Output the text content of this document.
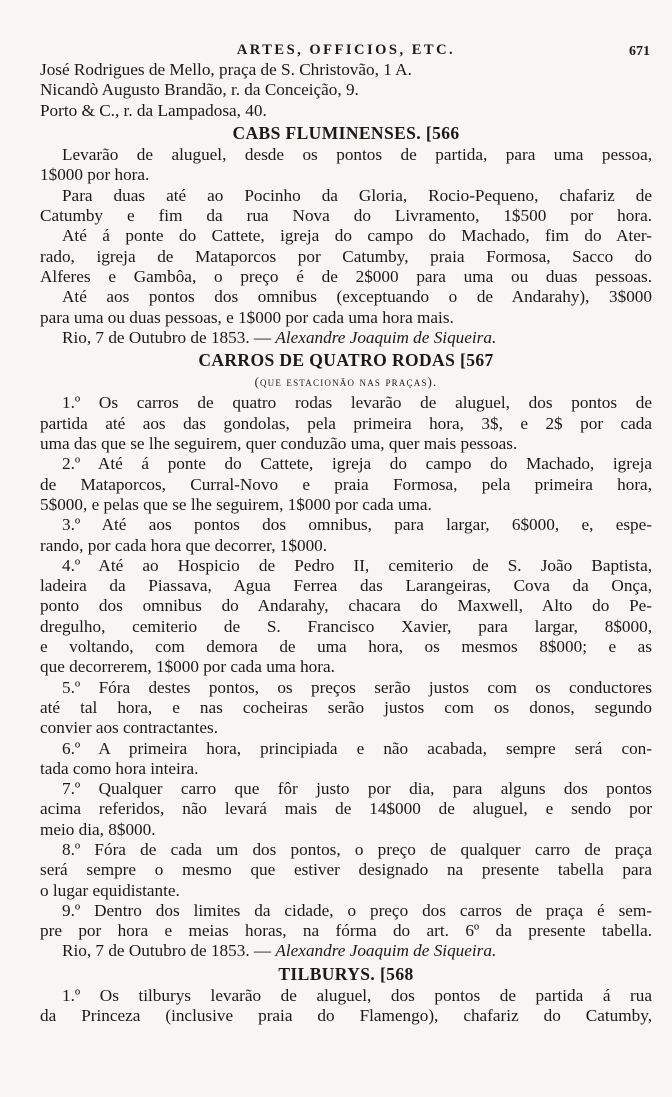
ARTES, OFFICIOS, ETC.	671
José Rodrigues de Mello, praça de S. Christovão, 1 A.
Nicandò Augusto Brandão, r. da Conceição, 9.
Porto & C., r. da Lampadosa, 40.
CABS FLUMINENSES. [566
Levarão de aluguel, desde os pontos de partida, para uma pessoa,
1$000 por hora.
Para duas até ao Pocinho da Gloria, Rocio-Pequeno, chafariz de
Catumby e fim da rua Nova do Livramento, 1$500 por hora.
Até á ponte do Cattete, igreja do campo do Machado, fim do Ater-
rado, igreja de Mataporcos por Catumby, praia Formosa, Sacco do
Alferes e Gambôa, o preço é de 2$000 para uma ou duas pessoas.
Até aos pontos dos omnibus (exceptuando o de Andarahy), 3$000
para uma ou duas pessoas, e 1$000 por cada uma hora mais.
Rio, 7 de Outubro de 1853. — Alexandre Joaquim de Siqueira.
CARROS DE QUATRO RODAS [567
(que estacionão nas praças).
1.º Os carros de quatro rodas levarão de aluguel, dos pontos de
partida até aos das gondolas, pela primeira hora, 3$, e 2$ por cada
uma das que se lhe seguirem, quer conduzão uma, quer mais pessoas.
2.º Até á ponte do Cattete, igreja do campo do Machado, igreja
de Mataporcos, Curral-Novo e praia Formosa, pela primeira hora,
5$000, e pelas que se lhe seguirem, 1$000 por cada uma.
3.º Até aos pontos dos omnibus, para largar, 6$000, e, espe-
rando, por cada hora que decorrer, 1$000.
4.º Até ao Hospicio de Pedro II, cemiterio de S. João Baptista,
ladeira da Piassava, Agua Ferrea das Larangeiras, Cova da Onça,
ponto dos omnibus do Andarahy, chacara do Maxwell, Alto do Pe-
dregulho, cemiterio de S. Francisco Xavier, para largar, 8$000,
e voltando, com demora de uma hora, os mesmos 8$000; e as
que decorrerem, 1$000 por cada uma hora.
5.º Fóra destes pontos, os preços serão justos com os conductores
até tal hora, e nas cocheiras serão justos com os donos, segundo
convier aos contractantes.
6.º A primeira hora, principiada e não acabada, sempre será con-
tada como hora inteira.
7.º Qualquer carro que fôr justo por dia, para alguns dos pontos
acima referidos, não levará mais de 14$000 de aluguel, e sendo por
meio dia, 8$000.
8.º Fóra de cada um dos pontos, o preço de qualquer carro de praça
será sempre o mesmo que estiver designado na presente tabella para
o lugar equidistante.
9.º Dentro dos limites da cidade, o preço dos carros de praça é sem-
pre por hora e meias horas, na fórma do art. 6º da presente tabella.
Rio, 7 de Outubro de 1853. — Alexandre Joaquim de Siqueira.
TILBURYS. [568
1.º Os tilburys levarão de aluguel, dos pontos de partida á rua
da Princeza (inclusive praia do Flamengo), chafariz do Catumby,
